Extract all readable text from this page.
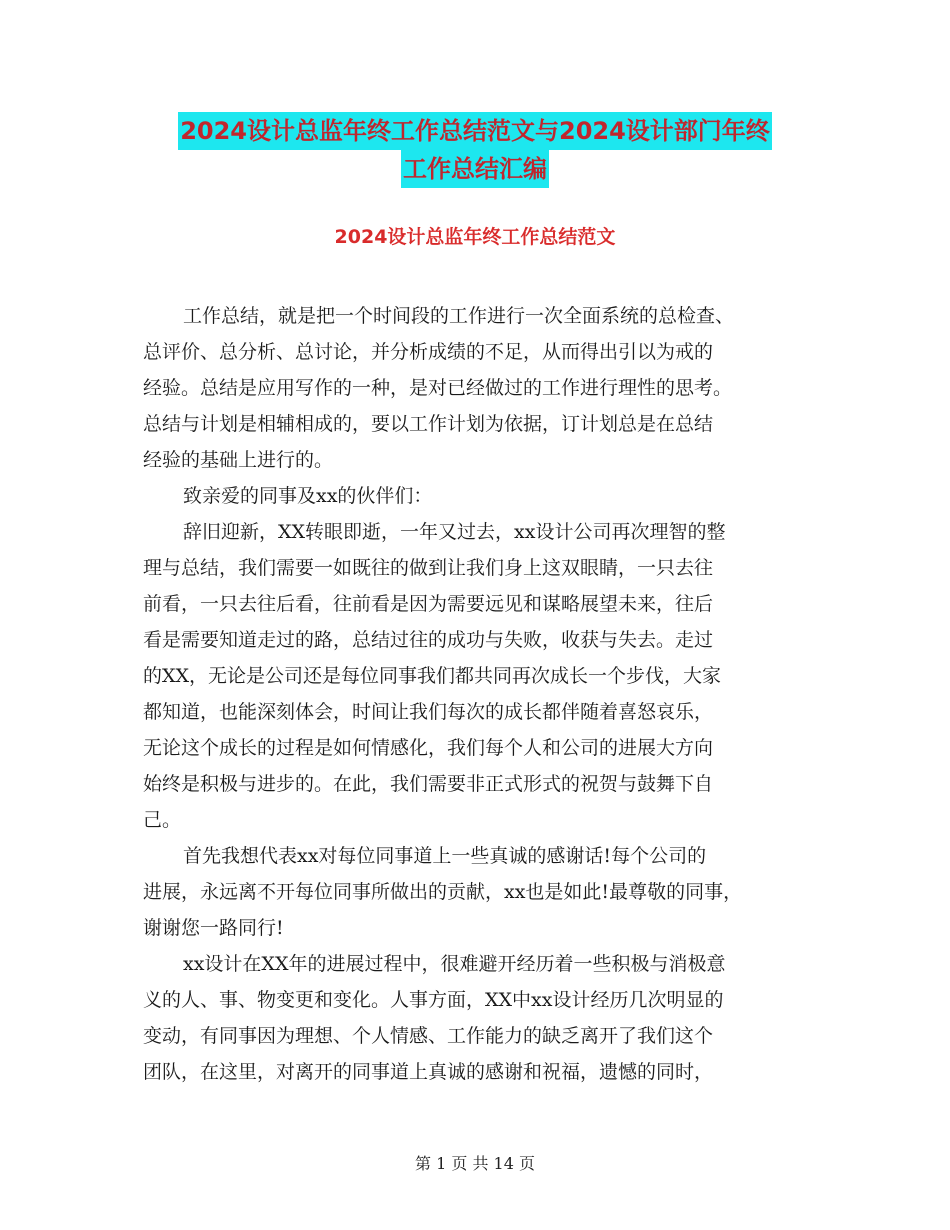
2024设计总监年终工作总结范文与2024设计部门年终
工作总结汇编
2024设计总监年终工作总结范文
工作总结，就是把一个时间段的工作进行一次全面系统的总检查、
总评价、总分析、总讨论，并分析成绩的不足，从而得出引以为戒的
经验。总结是应用写作的一种，是对已经做过的工作进行理性的思考。
总结与计划是相辅相成的，要以工作计划为依据，订计划总是在总结
经验的基础上进行的。
致亲爱的同事及xx的伙伴们：
辞旧迎新，XX转眼即逝，一年又过去，xx设计公司再次理智的整
理与总结，我们需要一如既往的做到让我们身上这双眼睛，一只去往
前看，一只去往后看，往前看是因为需要远见和谋略展望未来，往后
看是需要知道走过的路，总结过往的成功与失败，收获与失去。走过
的XX，无论是公司还是每位同事我们都共同再次成长一个步伐，大家
都知道，也能深刻体会，时间让我们每次的成长都伴随着喜怒哀乐，
无论这个成长的过程是如何情感化，我们每个人和公司的进展大方向
始终是积极与进步的。在此，我们需要非正式形式的祝贺与鼓舞下自
己。
首先我想代表xx对每位同事道上一些真诚的感谢话!每个公司的
进展，永远离不开每位同事所做出的贡献，xx也是如此!最尊敬的同事，
谢谢您一路同行!
xx设计在XX年的进展过程中，很难避开经历着一些积极与消极意
义的人、事、物变更和变化。人事方面，XX中xx设计经历几次明显的
变动，有同事因为理想、个人情感、工作能力的缺乏离开了我们这个
团队，在这里，对离开的同事道上真诚的感谢和祝福，遗憾的同时，
第 1 页 共 14 页
